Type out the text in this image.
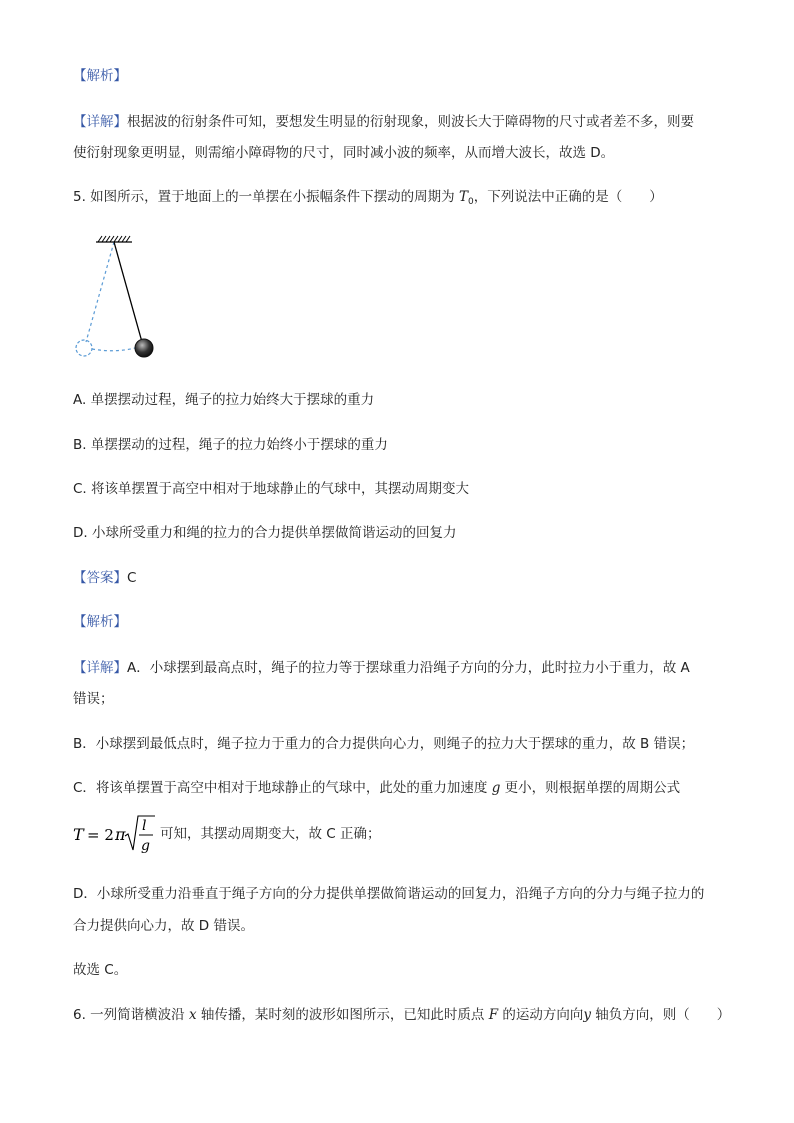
【解析】
【详解】根据波的衍射条件可知，要想发生明显的衍射现象，则波长大于障碍物的尺寸或者差不多，则要
使衍射现象更明显，则需缩小障碍物的尺寸，同时减小波的频率，从而增大波长，故选 D。
5. 如图所示，置于地面上的一单摆在小振幅条件下摆动的周期为 $T_0$，下列说法中正确的是（　　）
A. 单摆摆动过程，绳子的拉力始终大于摆球的重力
B. 单摆摆动的过程，绳子的拉力始终小于摆球的重力
C. 将该单摆置于高空中相对于地球静止的气球中，其摆动周期变大
D. 小球所受重力和绳的拉力的合力提供单摆做简谐运动的回复力
【答案】C
【解析】
【详解】A．小球摆到最高点时，绳子的拉力等于摆球重力沿绳子方向的分力，此时拉力小于重力，故 A
错误；
B．小球摆到最低点时，绳子拉力于重力的合力提供向心力，则绳子的拉力大于摆球的重力，故 B 错误；
C．将该单摆置于高空中相对于地球静止的气球中，此处的重力加速度 g 更小，则根据单摆的周期公式
T = 2 π l
g
可知，其摆动周期变大，故 C 正确；
D．小球所受重力沿垂直于绳子方向的分力提供单摆做简谐运动的回复力，沿绳子方向的分力与绳子拉力的
合力提供向心力，故 D 错误。
故选 C。
6. 一列简谐横波沿 x 轴传播，某时刻的波形如图所示，已知此时质点 F 的运动方向向y 轴负方向，则（　　）
